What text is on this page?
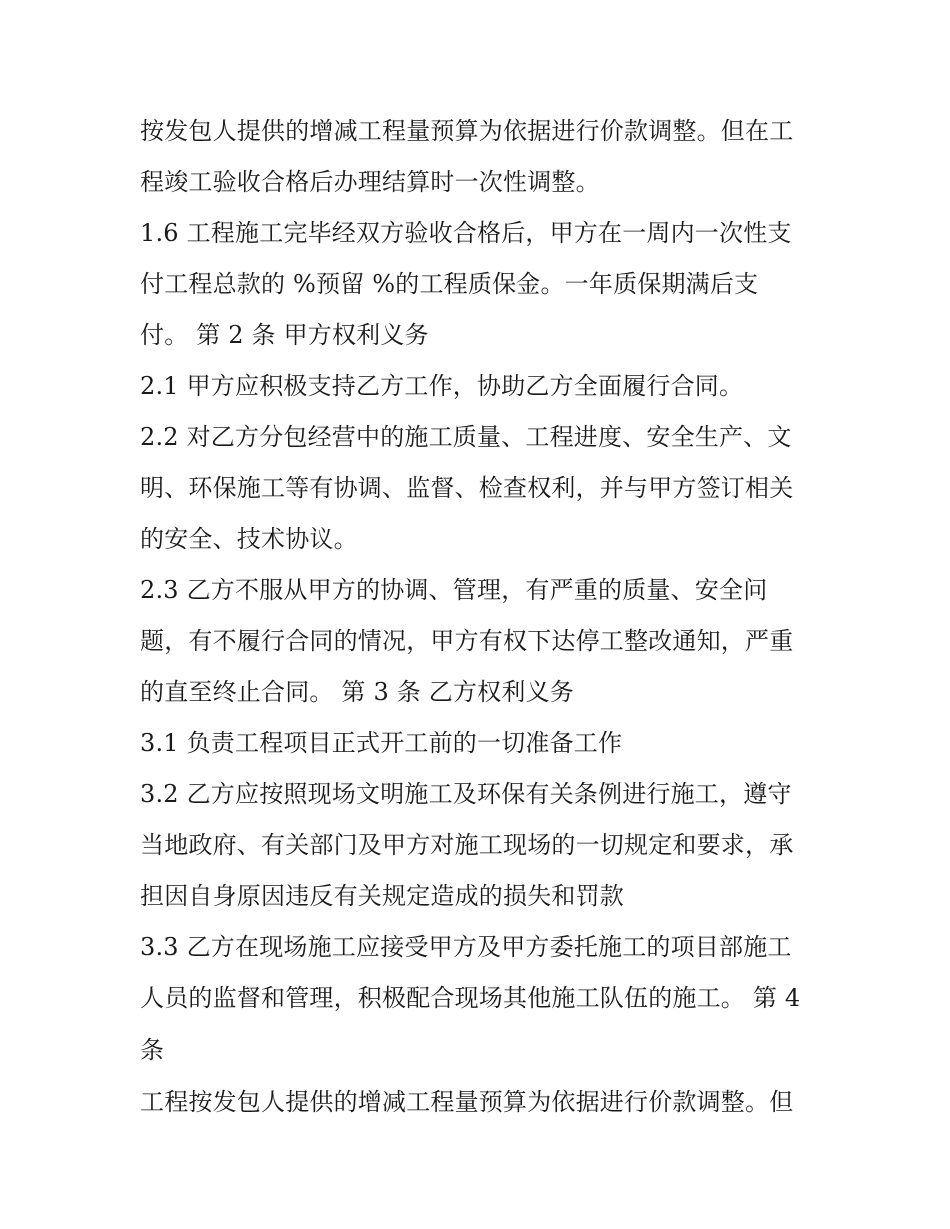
按发包人提供的增减工程量预算为依据进行价款调整。但在工
程竣工验收合格后办理结算时一次性调整。
1.6 工程施工完毕经双方验收合格后，甲方在一周内一次性支
付工程总款的 %预留 %的工程质保金。一年质保期满后支
付。 第 2 条 甲方权利义务
2.1 甲方应积极支持乙方工作，协助乙方全面履行合同。
2.2 对乙方分包经营中的施工质量、工程进度、安全生产、文
明、环保施工等有协调、监督、检查权利，并与甲方签订相关
的安全、技术协议。
2.3 乙方不服从甲方的协调、管理，有严重的质量、安全问
题，有不履行合同的情况，甲方有权下达停工整改通知，严重
的直至终止合同。 第 3 条 乙方权利义务
3.1 负责工程项目正式开工前的一切准备工作
3.2 乙方应按照现场文明施工及环保有关条例进行施工，遵守
当地政府、有关部门及甲方对施工现场的一切规定和要求，承
担因自身原因违反有关规定造成的损失和罚款
3.3 乙方在现场施工应接受甲方及甲方委托施工的项目部施工
人员的监督和管理，积极配合现场其他施工队伍的施工。 第 4
条
工程按发包人提供的增减工程量预算为依据进行价款调整。但
